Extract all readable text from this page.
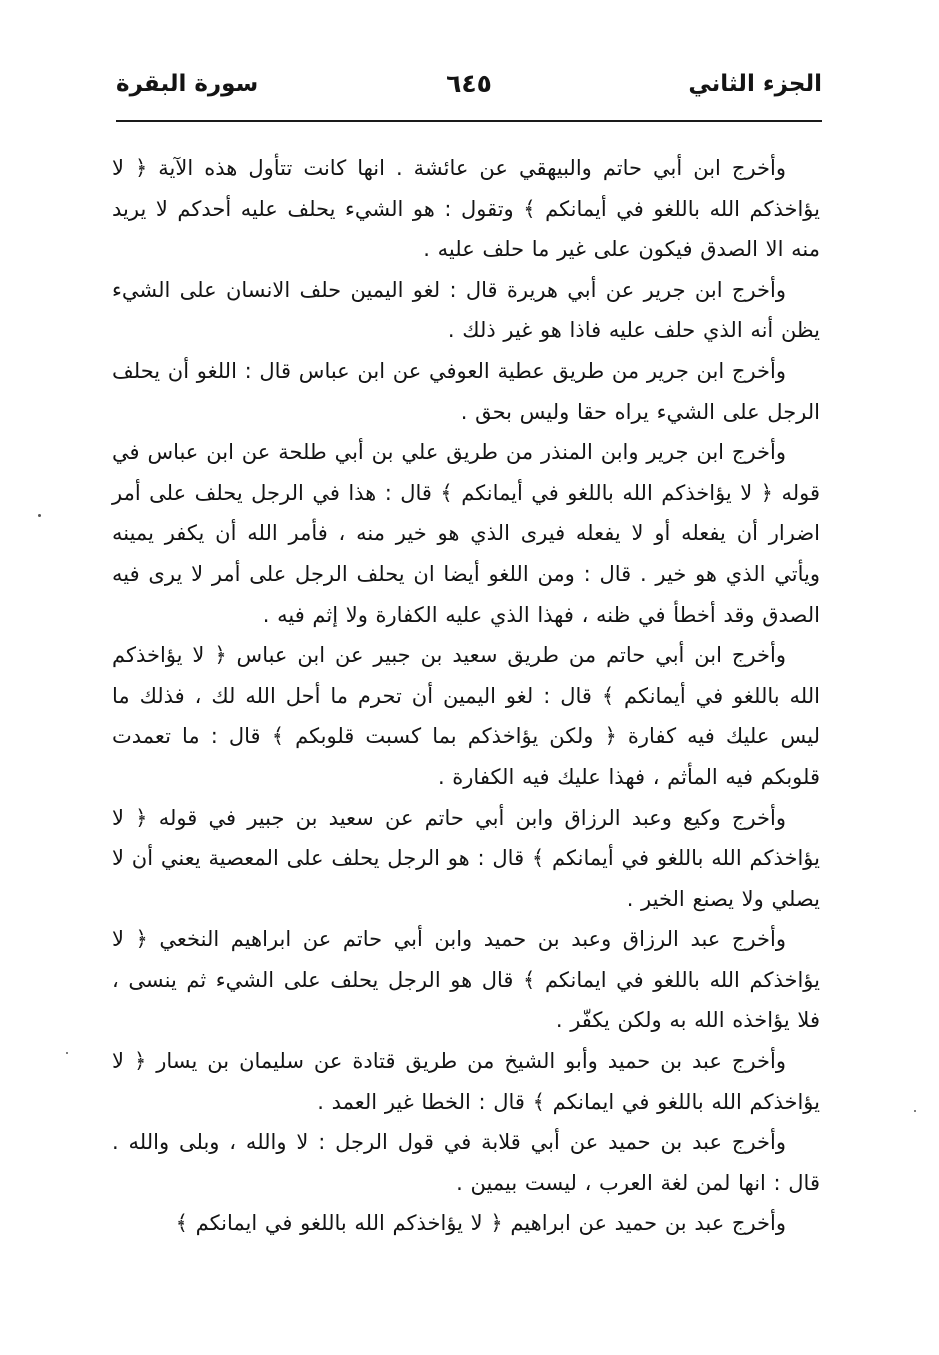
الجزء الثاني
٦٤٥
سورة البقرة

وأخرج ابن أبي حاتم والبيهقي عن عائشة . انها كانت تتأول هذه الآية ﴿ لا يؤاخذكم الله باللغو في أيمانكم ﴾ وتقول : هو الشيء يحلف عليه أحدكم لا يريد منه الا الصدق فيكون على غير ما حلف عليه .

وأخرج ابن جرير عن أبي هريرة قال : لغو اليمين حلف الانسان على الشيء يظن أنه الذي حلف عليه فاذا هو غير ذلك .

وأخرج ابن جرير من طريق عطية العوفي عن ابن عباس قال : اللغو أن يحلف الرجل على الشيء يراه حقا وليس بحق .

وأخرج ابن جرير وابن المنذر من طريق علي بن أبي طلحة عن ابن عباس في قوله ﴿ لا يؤاخذكم الله باللغو في أيمانكم ﴾ قال : هذا في الرجل يحلف على أمر اضرار أن يفعله أو لا يفعله فيرى الذي هو خير منه ، فأمر الله أن يكفر يمينه ويأتي الذي هو خير . قال : ومن اللغو أيضا ان يحلف الرجل على أمر لا يرى فيه الصدق وقد أخطأ في ظنه ، فهذا الذي عليه الكفارة ولا إثم فيه .

وأخرج ابن أبي حاتم من طريق سعيد بن جبير عن ابن عباس ﴿ لا يؤاخذكم الله باللغو في أيمانكم ﴾ قال : لغو اليمين أن تحرم ما أحل الله لك ، فذلك ما ليس عليك فيه كفارة ﴿ ولكن يؤاخذكم بما كسبت قلوبكم ﴾ قال : ما تعمدت قلوبكم فيه المأثم ، فهذا عليك فيه الكفارة .

وأخرج وكيع وعبد الرزاق وابن أبي حاتم عن سعيد بن جبير في قوله ﴿ لا يؤاخذكم الله باللغو في أيمانكم ﴾ قال : هو الرجل يحلف على المعصية يعني أن لا يصلي ولا يصنع الخير .

وأخرج عبد الرزاق وعبد بن حميد وابن أبي حاتم عن ابراهيم النخعي ﴿ لا يؤاخذكم الله باللغو في ايمانكم ﴾ قال هو الرجل يحلف على الشيء ثم ينسى ، فلا يؤاخذه الله به ولكن يكفّر .

وأخرج عبد بن حميد وأبو الشيخ من طريق قتادة عن سليمان بن يسار ﴿ لا يؤاخذكم الله باللغو في ايمانكم ﴾ قال : الخطا غير العمد .

وأخرج عبد بن حميد عن أبي قلابة في قول الرجل : لا والله ، وبلى والله . قال : انها لمن لغة العرب ، ليست بيمين .

وأخرج عبد بن حميد عن ابراهيم ﴿ لا يؤاخذكم الله باللغو في ايمانكم ﴾
